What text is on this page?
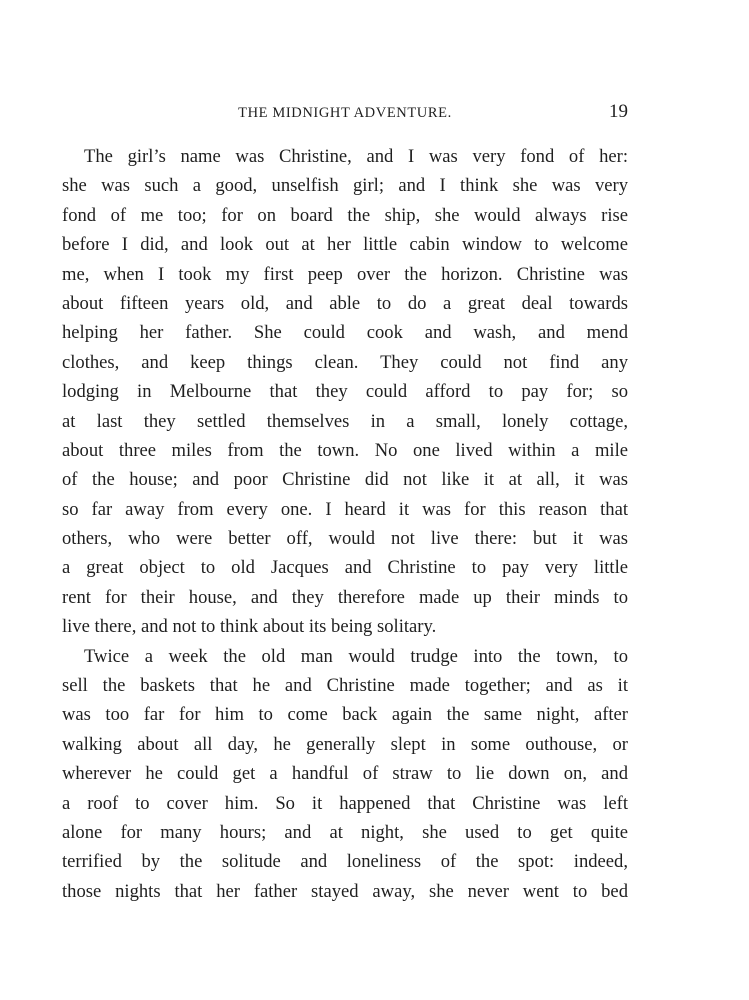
THE MIDNIGHT ADVENTURE.	19
The girl’s name was Christine, and I was very fond of her:
she was such a good, unselfish girl; and I think she was very
fond of me too; for on board the ship, she would always rise
before I did, and look out at her little cabin window to welcome
me, when I took my first peep over the horizon. Christine was
about fifteen years old, and able to do a great deal towards
helping her father. She could cook and wash, and mend
clothes, and keep things clean. They could not find any
lodging in Melbourne that they could afford to pay for; so
at last they settled themselves in a small, lonely cottage,
about three miles from the town. No one lived within a mile
of the house; and poor Christine did not like it at all, it was
so far away from every one. I heard it was for this reason that
others, who were better off, would not live there: but it was
a great object to old Jacques and Christine to pay very little
rent for their house, and they therefore made up their minds to
live there, and not to think about its being solitary.
Twice a week the old man would trudge into the town, to
sell the baskets that he and Christine made together; and as it
was too far for him to come back again the same night, after
walking about all day, he generally slept in some outhouse, or
wherever he could get a handful of straw to lie down on, and
a roof to cover him. So it happened that Christine was left
alone for many hours; and at night, she used to get quite
terrified by the solitude and loneliness of the spot: indeed,
those nights that her father stayed away, she never went to bed
